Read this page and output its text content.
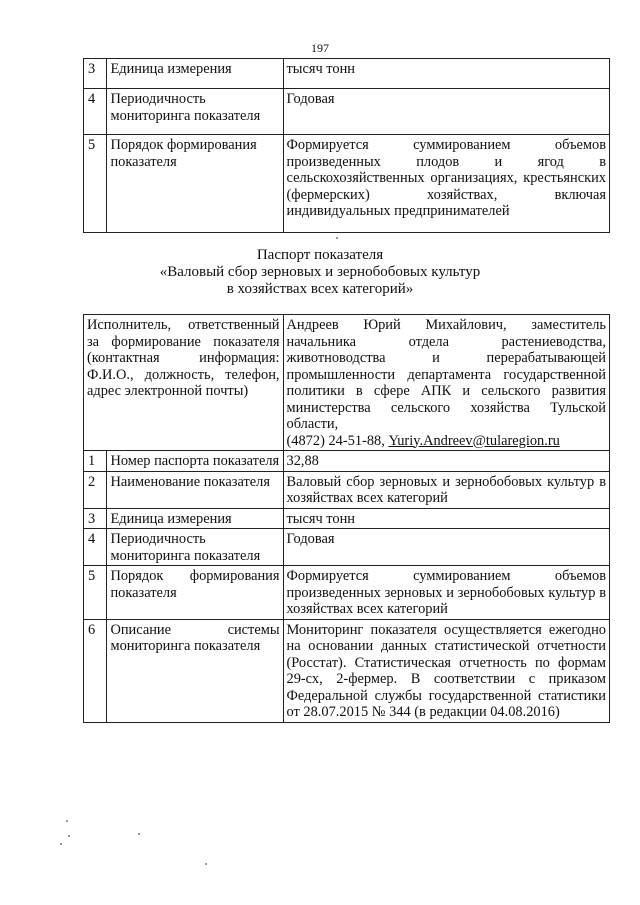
197
3	Единица измерения	тысяч тонн
4	Периодичность мониторинга показателя	Годовая
5	Порядок формирования показателя	Формируется суммированием объемов произведенных плодов и ягод в сельскохозяйственных организациях, крестьянских (фермерских) хозяйствах, включая индивидуальных предпринимателей
Паспорт показателя
«Валовый сбор зерновых и зернобобовых культур
в хозяйствах всех категорий»
Исполнитель, ответственный за формирование показателя (контактная информация: Ф.И.О., должность, телефон, адрес электронной почты)		Андреев Юрий Михайлович, заместитель начальника отдела растениеводства, животноводства и перерабатывающей промышленности департамента государственной политики в сфере АПК и сельского развития министерства сельского хозяйства Тульской области,
(4872) 24-51-88, Yuriy.Andreev@tularegion.ru
1	Номер паспорта показателя	32,88
2	Наименование показателя	Валовый сбор зерновых и зернобобовых культур в хозяйствах всех категорий
3	Единица измерения	тысяч тонн
4	Периодичность мониторинга показателя	Годовая
5	Порядок формирования показателя	Формируется суммированием объемов произведенных зерновых и зернобобовых культур в хозяйствах всех категорий
6	Описание системы мониторинга показателя	Мониторинг показателя осуществляется ежегодно на основании данных статистической отчетности (Росстат). Статистическая отчетность по формам 29-сх, 2-фермер. В соответствии с приказом Федеральной службы государственной статистики от 28.07.2015 № 344 (в редакции 04.08.2016)
